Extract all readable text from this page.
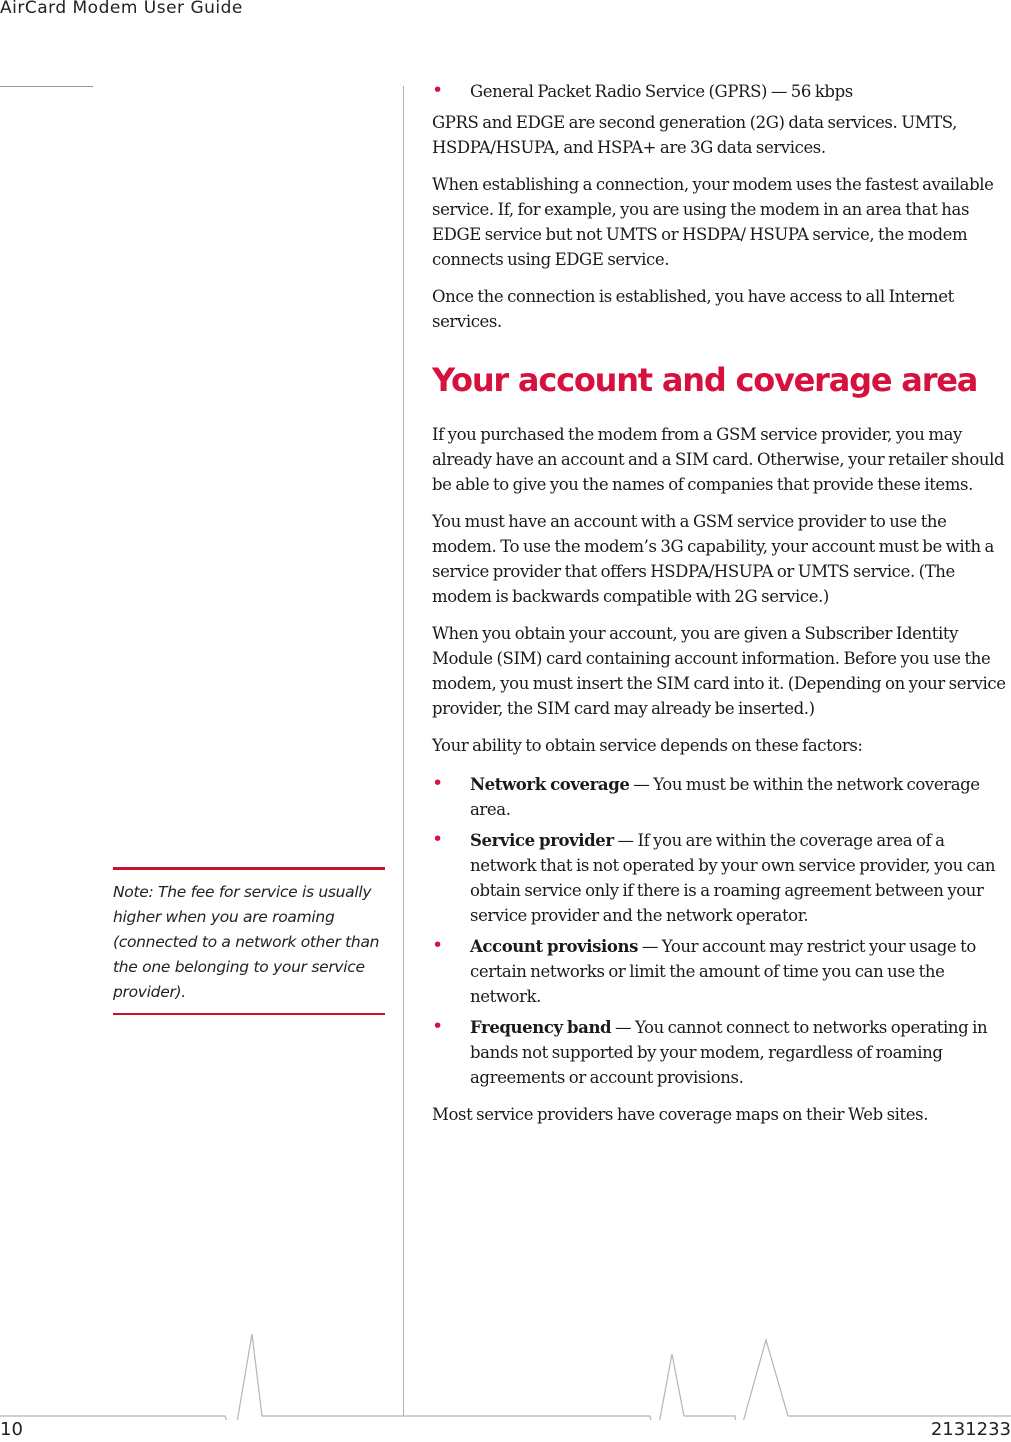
AirCard Modem User Guide
• General Packet Radio Service (GPRS) — 56 kbps

GPRS and EDGE are second generation (2G) data services. UMTS, HSDPA/HSUPA, and HSPA+ are 3G data services.

When establishing a connection, your modem uses the fastest available service. If, for example, you are using the modem in an area that has EDGE service but not UMTS or HSDPA/ HSUPA service, the modem connects using EDGE service.

Once the connection is established, you have access to all Internet services.

Your account and coverage area

If you purchased the modem from a GSM service provider, you may already have an account and a SIM card. Otherwise, your retailer should be able to give you the names of companies that provide these items.

You must have an account with a GSM service provider to use the modem. To use the modem’s 3G capability, your account must be with a service provider that offers HSDPA/HSUPA or UMTS service. (The modem is backwards compatible with 2G service.)

When you obtain your account, you are given a Subscriber Identity Module (SIM) card containing account information. Before you use the modem, you must insert the SIM card into it. (Depending on your service provider, the SIM card may already be inserted.)

Your ability to obtain service depends on these factors:

• Network coverage — You must be within the network coverage area.
• Service provider — If you are within the coverage area of a network that is not operated by your own service provider, you can obtain service only if there is a roaming agreement between your service provider and the network operator.
• Account provisions — Your account may restrict your usage to certain networks or limit the amount of time you can use the network.
• Frequency band — You cannot connect to networks operating in bands not supported by your modem, regardless of roaming agreements or account provisions.

Most service providers have coverage maps on their Web sites.

Note: The fee for service is usually higher when you are roaming (connected to a network other than the one belonging to your service provider).
10	2131233
